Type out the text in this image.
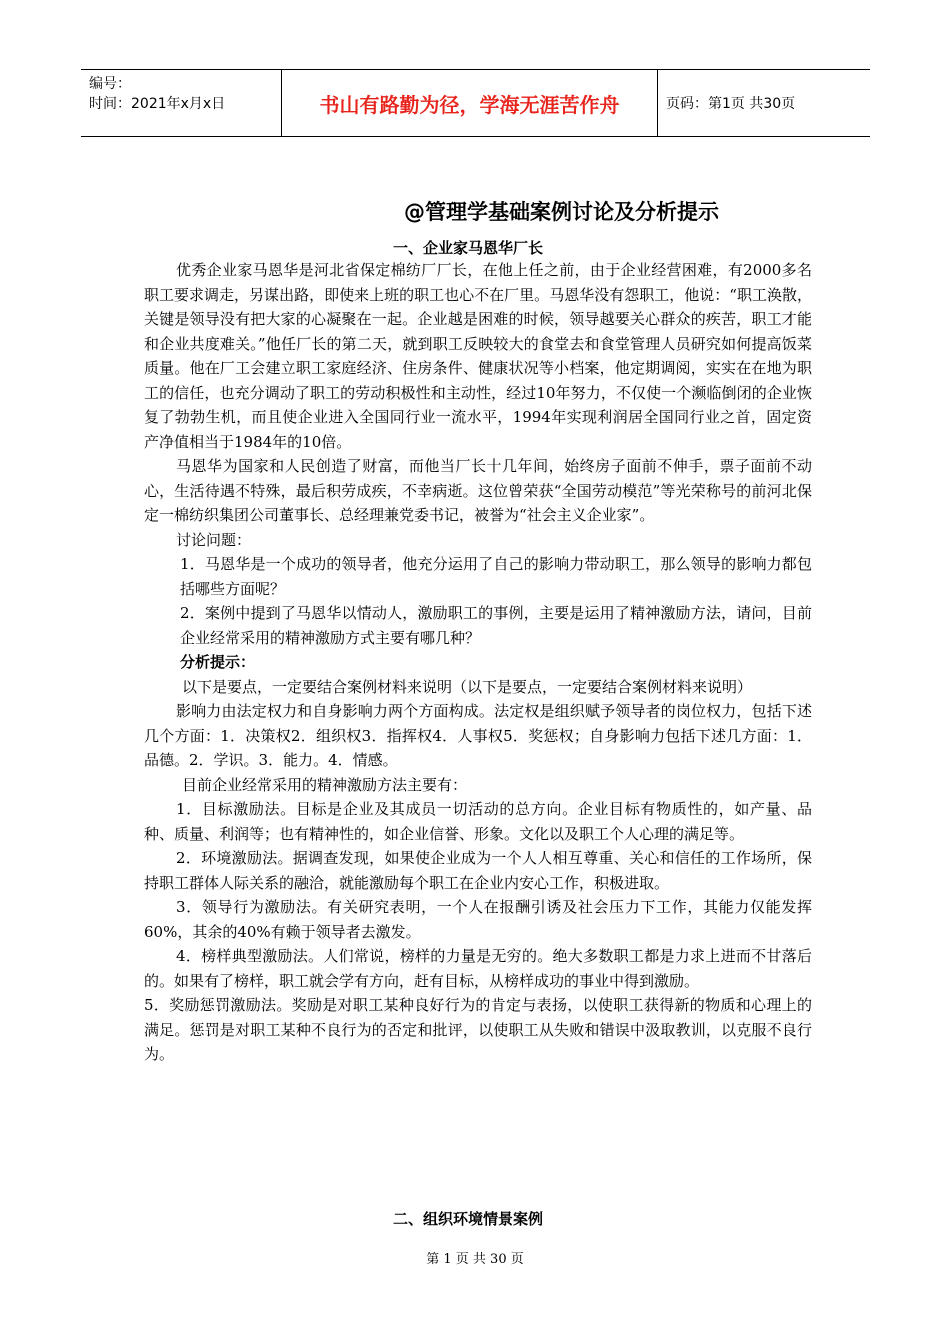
编号：
时间：2021年x月x日	书山有路勤为径，学海无涯苦作舟	页码：第1页 共30页
@管理学基础案例讨论及分析提示
一、企业家马恩华厂长

优秀企业家马恩华是河北省保定棉纺厂厂长，在他上任之前，由于企业经营困难，有2000多名职工要求调走，另谋出路，即使来上班的职工也心不在厂里。马恩华没有怨职工，他说：“职工涣散，关键是领导没有把大家的心凝聚在一起。企业越是困难的时候，领导越要关心群众的疾苦，职工才能和企业共度难关。”他任厂长的第二天，就到职工反映较大的食堂去和食堂管理人员研究如何提高饭菜质量。他在厂工会建立职工家庭经济、住房条件、健康状况等小档案，他定期调阅，实实在在地为职工的信任，也充分调动了职工的劳动积极性和主动性，经过10年努力，不仅使一个濒临倒闭的企业恢复了勃勃生机，而且使企业进入全国同行业一流水平，1994年实现利润居全国同行业之首，固定资产净值相当于1984年的10倍。

马恩华为国家和人民创造了财富，而他当厂长十几年间，始终房子面前不伸手，票子面前不动心，生活待遇不特殊，最后积劳成疾，不幸病逝。这位曾荣获“全国劳动模范”等光荣称号的前河北保定一棉纺织集团公司董事长、总经理兼党委书记，被誉为“社会主义企业家”。

讨论问题：

1．马恩华是一个成功的领导者，他充分运用了自己的影响力带动职工，那么领导的影响力都包括哪些方面呢？

2．案例中提到了马恩华以情动人，激励职工的事例，主要是运用了精神激励方法，请问，目前企业经常采用的精神激励方式主要有哪几种？

分析提示：

以下是要点，一定要结合案例材料来说明（以下是要点，一定要结合案例材料来说明）

影响力由法定权力和自身影响力两个方面构成。法定权是组织赋予领导者的岗位权力，包括下述几个方面：1．决策权2．组织权3．指挥权4．人事权5．奖惩权；自身影响力包括下述几方面：1．品德。2．学识。3．能力。4．情感。

目前企业经常采用的精神激励方法主要有：

1．目标激励法。目标是企业及其成员一切活动的总方向。企业目标有物质性的，如产量、品种、质量、利润等；也有精神性的，如企业信誉、形象。文化以及职工个人心理的满足等。

2．环境激励法。据调查发现，如果使企业成为一个人人相互尊重、关心和信任的工作场所，保持职工群体人际关系的融洽，就能激励每个职工在企业内安心工作，积极进取。

3．领导行为激励法。有关研究表明，一个人在报酬引诱及社会压力下工作，其能力仅能发挥60%，其余的40%有赖于领导者去激发。

4．榜样典型激励法。人们常说，榜样的力量是无穷的。绝大多数职工都是力求上进而不甘落后的。如果有了榜样，职工就会学有方向，赶有目标，从榜样成功的事业中得到激励。

5．奖励惩罚激励法。奖励是对职工某种良好行为的肯定与表扬，以使职工获得新的物质和心理上的满足。惩罚是对职工某种不良行为的否定和批评，以使职工从失败和错误中汲取教训，以克服不良行为。

二、组织环境情景案例
第 1 页 共 30 页
